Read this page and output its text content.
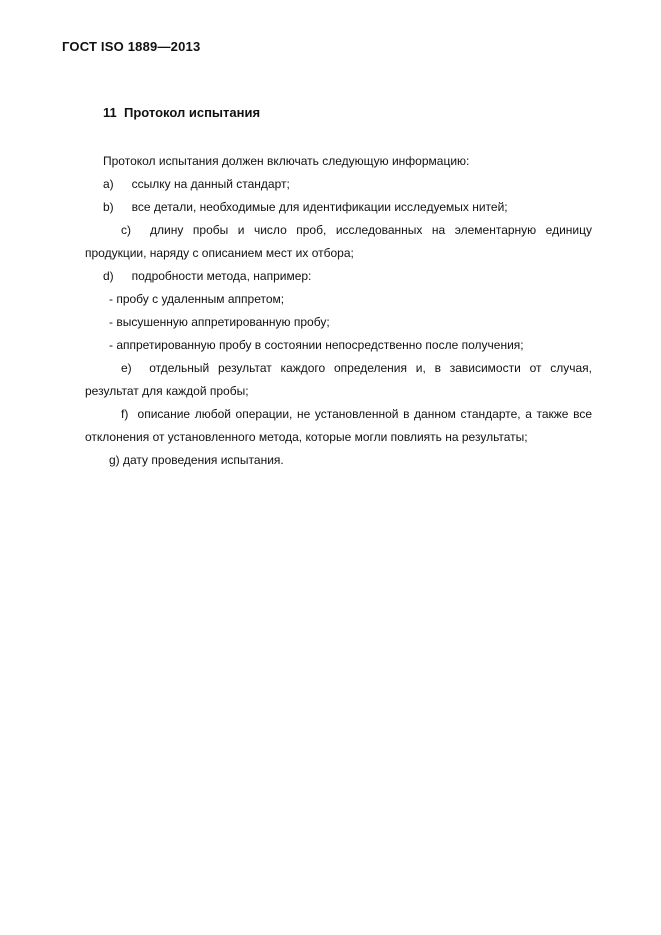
ГОСТ ISO 1889—2013
11 Протокол испытания

Протокол испытания должен включать следующую информацию:

a) ссылку на данный стандарт;

b) все детали, необходимые для идентификации исследуемых нитей;

c) длину пробы и число проб, исследованных на элементарную единицу продукции, наряду с описанием мест их отбора;

d) подробности метода, например:

- пробу с удаленным аппретом;

- высушенную аппретированную пробу;

- аппретированную пробу в состоянии непосредственно после получения;

e) отдельный результат каждого определения и, в зависимости от случая, результат для каждой пробы;

f) описание любой операции, не установленной в данном стандарте, а также все отклонения от установленного метода, которые могли повлиять на результаты;

g) дату проведения испытания.
